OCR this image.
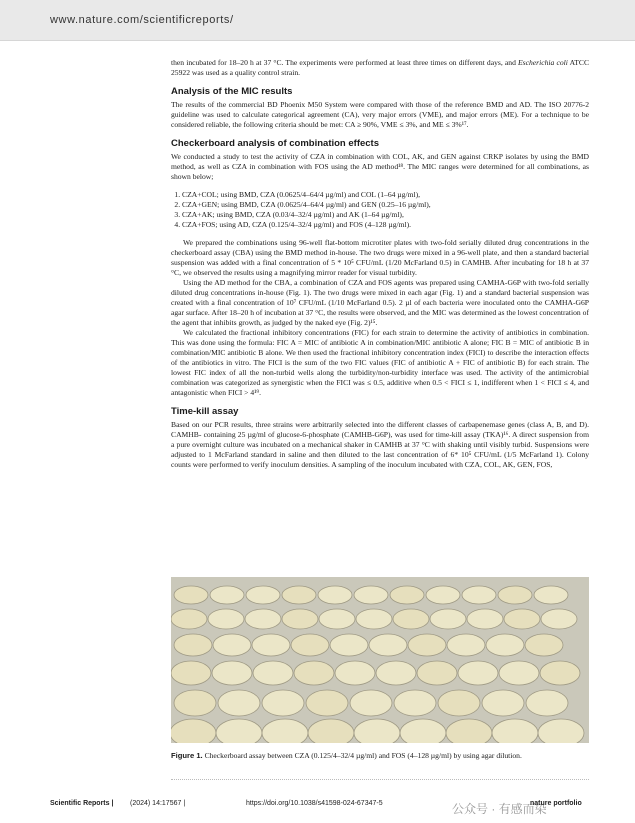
www.nature.com/scientificreports/

then incubated for 18–20 h at 37 °C. The experiments were performed at least three times on different days, and Escherichia coli ATCC 25922 was used as a quality control strain.

Analysis of the MIC results

The results of the commercial BD Phoenix M50 System were compared with those of the reference BMD and AD. The ISO 20776-2 guideline was used to calculate categorical agreement (CA), very major errors (VME), and major errors (ME). For a technique to be considered reliable, the following criteria should be met: CA ≥ 90%, VME ≤ 3%, and ME ≤ 3%¹⁷.

Checkerboard analysis of combination effects

We conducted a study to test the activity of CZA in combination with COL, AK, and GEN against CRKP isolates by using the BMD method, as well as CZA in combination with FOS using the AD method¹⁸. The MIC ranges were determined for all combinations, as shown below;

1. CZA+COL; using BMD, CZA (0.0625/4–64/4 µg/ml) and COL (1–64 µg/ml),
2. CZA+GEN; using BMD, CZA (0.0625/4–64/4 µg/ml) and GEN (0.25–16 µg/ml),
3. CZA+AK; using BMD, CZA (0.03/4–32/4 µg/ml) and AK (1–64 µg/ml),
4. CZA+FOS; using AD, CZA (0.125/4–32/4 µg/ml) and FOS (4–128 µg/ml).

We prepared the combinations using 96-well flat-bottom microtiter plates with two-fold serially diluted drug concentrations in the checkerboard assay (CBA) using the BMD method in-house. The two drugs were mixed in a 96-well plate, and then a standard bacterial suspension was added with a final concentration of 5 * 10⁵ CFU/mL (1/20 McFarland 0.5) in CAMHB. After incubating for 18 h at 37 °C, we observed the results using a magnifying mirror reader for visual turbidity.

Using the AD method for the CBA, a combination of CZA and FOS agents was prepared using CAMHA-G6P with two-fold serially diluted drug concentrations in-house (Fig. 1). The two drugs were mixed in each agar (Fig. 1) and a standard bacterial suspension was created with a final concentration of 10⁷ CFU/mL (1/10 McFarland 0.5). 2 µl of each bacteria were inoculated onto the CAMHA-G6P agar surface. After 18–20 h of incubation at 37 °C, the results were observed, and the MIC was determined as the lowest concentration of the agent that inhibits growth, as judged by the naked eye (Fig. 2)¹⁵.

We calculated the fractional inhibitory concentrations (FIC) for each strain to determine the activity of antibiotics in combination. This was done using the formula: FIC A = MIC of antibiotic A in combination/MIC antibiotic A alone; FIC B = MIC of antibiotic B in combination/MIC antibiotic B alone. We then used the fractional inhibitory concentration index (FICI) to describe the interaction effects of the antibiotics in vitro. The FICI is the sum of the two FIC values (FIC of antibiotic A + FIC of antibiotic B) for each strain. The lowest FIC index of all the non-turbid wells along the turbidity/non-turbidity interface was used. The activity of the antimicrobial combination was categorized as synergistic when the FICI was ≤ 0.5, additive when 0.5 < FICI ≤ 1, indifferent when 1 < FICI ≤ 4, and antagonistic when FICI > 4¹⁹.

Time-kill assay

Based on our PCR results, three strains were arbitrarily selected into the different classes of carbapenemase genes (class A, B, and D). CAMHB- containing 25 µg/ml of glucose-6-phosphate (CAMHB-G6P), was used for time-kill assay (TKA)¹⁶. A direct suspension from a pure overnight culture was incubated on a mechanical shaker in CAMHB at 37 °C with shaking until visibly turbid. Suspensions were adjusted to 1 McFarland standard in saline and then diluted to the last concentration of 6* 10⁵ CFU/mL (1/5 McFarland 1). Colony counts were performed to verify inoculum densities. A sampling of the inoculum incubated with CZA, COL, AK, GEN, FOS,

Figure 1. Checkerboard assay between CZA (0.125/4–32/4 µg/ml) and FOS (4–128 µg/ml) by using agar dilution.
Scientific Reports | (2024) 14:17567 |	https://doi.org/10.1038/s41598-024-67347-5	公众号 · 有感而染
nature portfolio
